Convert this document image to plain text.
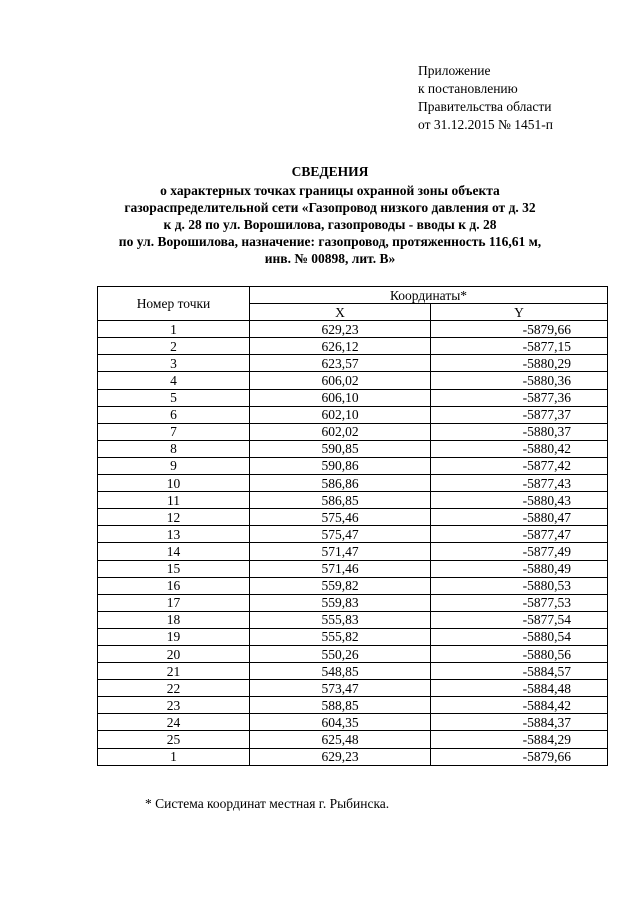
Приложение
к постановлению
Правительства области
от 31.12.2015 № 1451-п
СВЕДЕНИЯ
о характерных точках границы охранной зоны объекта
газораспределительной сети «Газопровод низкого давления от д. 32
к д. 28 по ул. Ворошилова, газопроводы - вводы к д. 28
по ул. Ворошилова, назначение: газопровод, протяженность 116,61 м,
инв. № 00898, лит. В»
Номер точки	Координаты*	
	X	Y
1	629,23	-5879,66
2	626,12	-5877,15
3	623,57	-5880,29
4	606,02	-5880,36
5	606,10	-5877,36
6	602,10	-5877,37
7	602,02	-5880,37
8	590,85	-5880,42
9	590,86	-5877,42
10	586,86	-5877,43
11	586,85	-5880,43
12	575,46	-5880,47
13	575,47	-5877,47
14	571,47	-5877,49
15	571,46	-5880,49
16	559,82	-5880,53
17	559,83	-5877,53
18	555,83	-5877,54
19	555,82	-5880,54
20	550,26	-5880,56
21	548,85	-5884,57
22	573,47	-5884,48
23	588,85	-5884,42
24	604,35	-5884,37
25	625,48	-5884,29
1	629,23	-5879,66
* Система координат местная г. Рыбинска.
